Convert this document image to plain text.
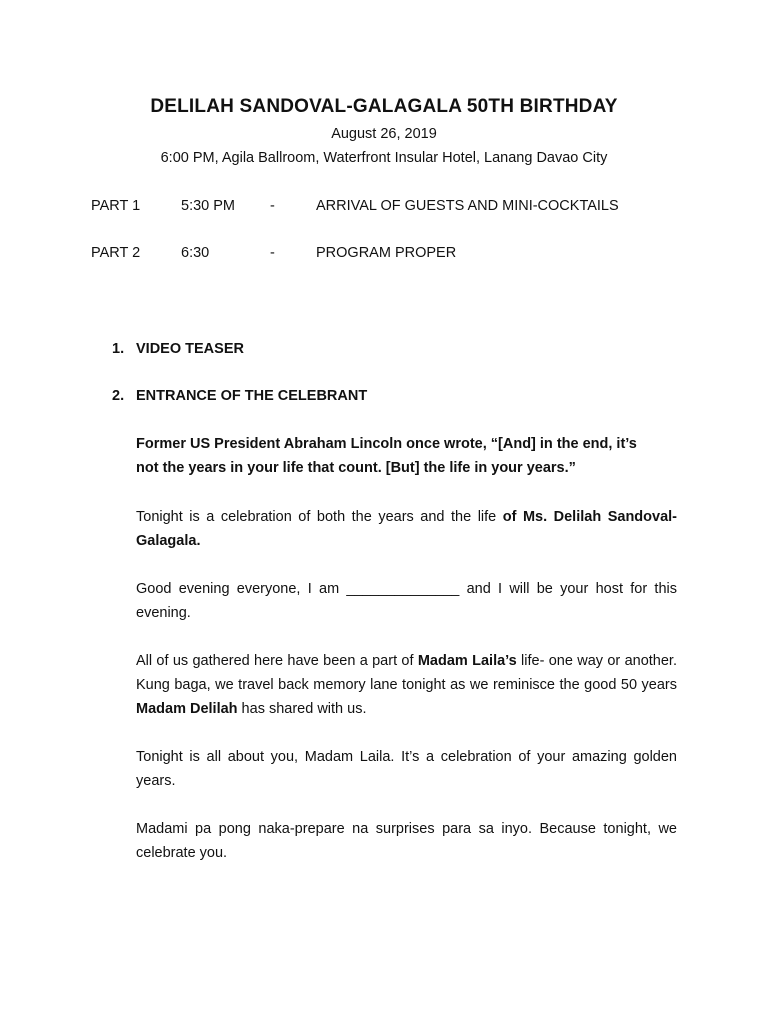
DELILAH SANDOVAL-GALAGALA 50TH BIRTHDAY
August 26, 2019
6:00 PM, Agila Ballroom, Waterfront Insular Hotel, Lanang Davao City
PART 1	5:30 PM -	ARRIVAL OF GUESTS AND MINI-COCKTAILS
PART 2	6:30	-	PROGRAM PROPER
1. VIDEO TEASER
2. ENTRANCE OF THE CELEBRANT
Former US President Abraham Lincoln once wrote, “[And] in the end, it’s
not the years in your life that count. [But] the life in your years.”
Tonight is a celebration of both the years and the life of Ms. Delilah Sandoval-Galagala.
Good evening everyone, I am ______________ and I will be your host for this evening.
All of us gathered here have been a part of Madam Laila’s life- one way or another. Kung baga, we travel back memory lane tonight as we reminisce the good 50 years Madam Delilah has shared with us.
Tonight is all about you, Madam Laila. It’s a celebration of your amazing golden years.
Madami pa pong naka-prepare na surprises para sa inyo. Because tonight, we celebrate you.
